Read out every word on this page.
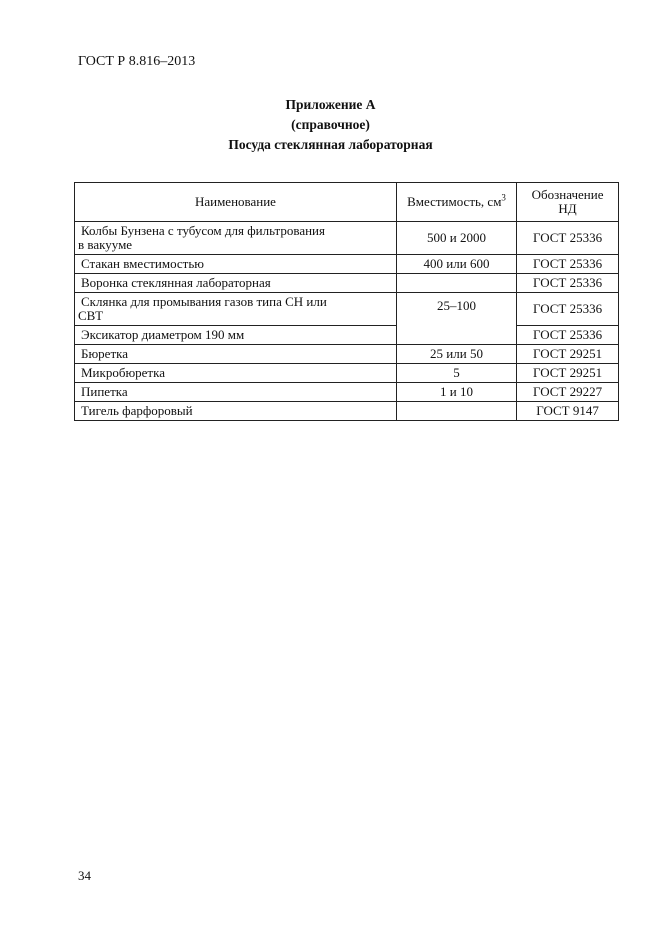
ГОСТ Р 8.816–2013
Приложение А
(справочное)
Посуда стеклянная лабораторная
Наименование	Вместимость, $см^3$	Обозначение
НД
Колбы Бунзена с тубусом для фильтрования
в вакууме	500 и 2000	ГОСТ 25336
Стакан вместимостью	400 или 600	ГОСТ 25336
Воронка стеклянная лабораторная		ГОСТ 25336
Склянка для промывания газов типа СН или
СВТ	25–100	ГОСТ 25336
Эксикатор диаметром 190 мм		ГОСТ 25336
Бюретка	25 или 50	ГОСТ 29251
Микробюретка	5	ГОСТ 29251
Пипетка	1 и 10	ГОСТ 29227
Тигель фарфоровый		ГОСТ 9147
34
